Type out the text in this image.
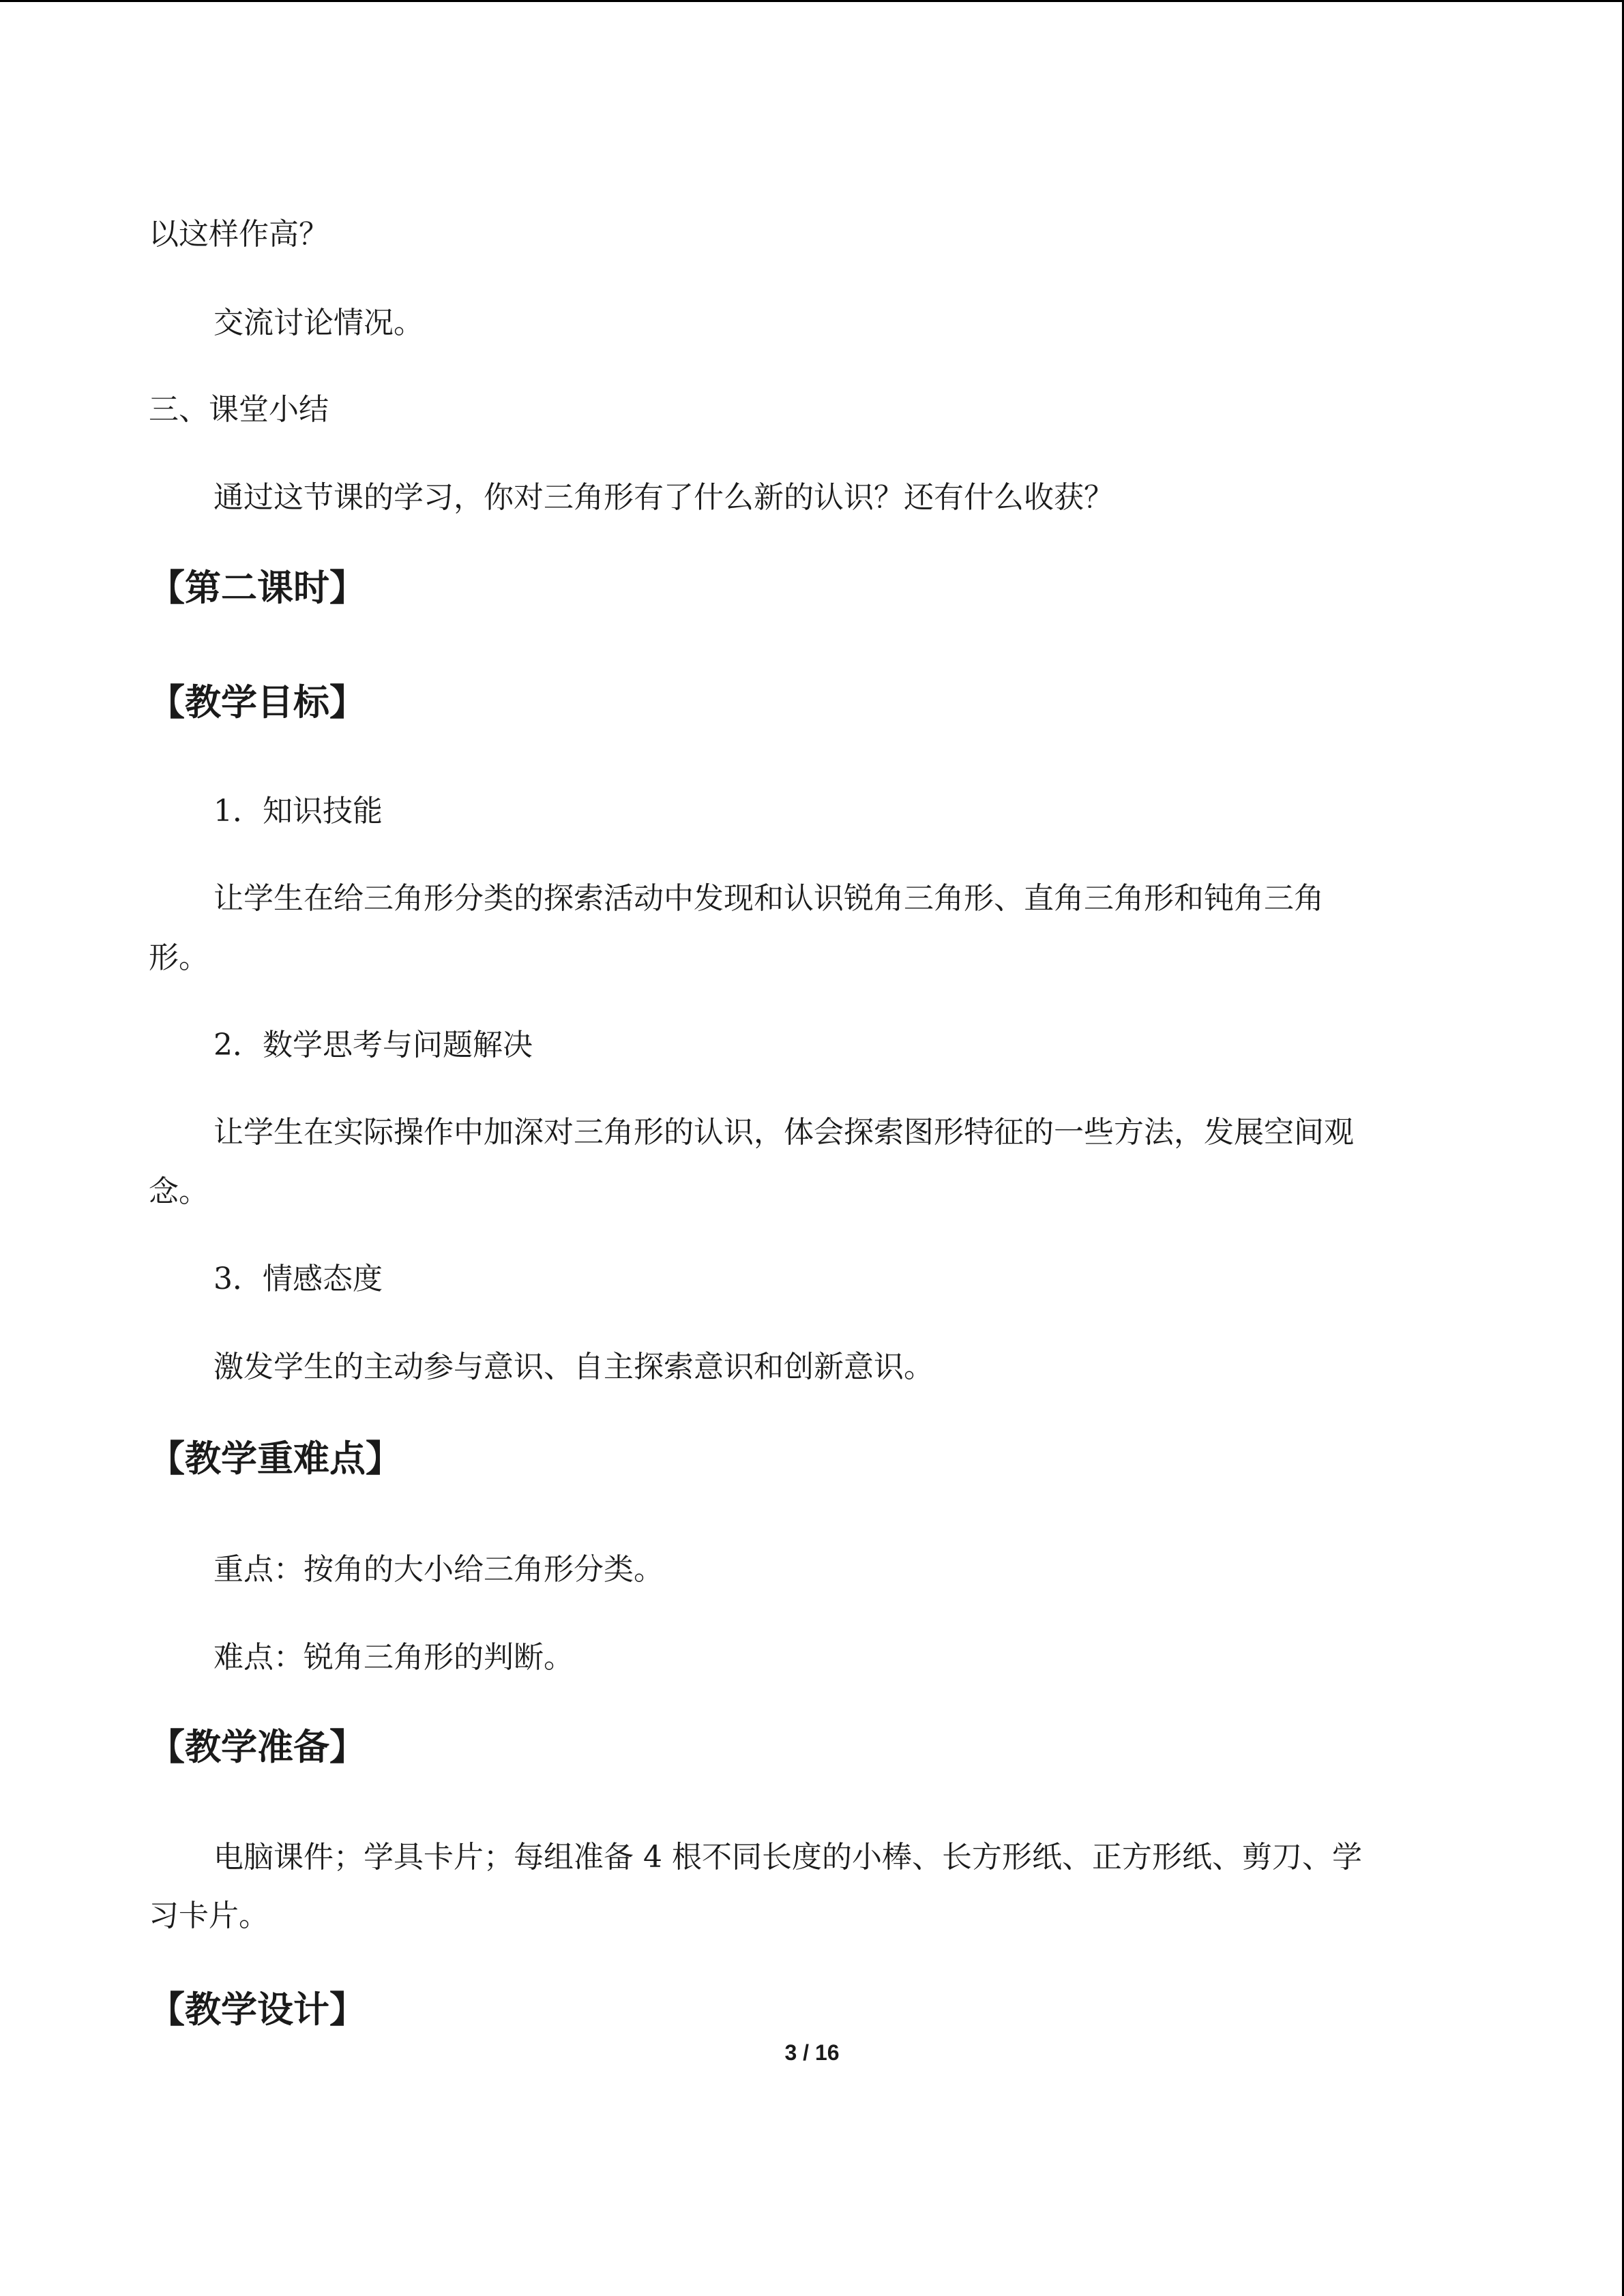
以这样作高？
交流讨论情况。
三、课堂小结
通过这节课的学习，你对三角形有了什么新的认识？还有什么收获？
【第二课时】
【教学目标】
1．知识技能
让学生在给三角形分类的探索活动中发现和认识锐角三角形、直角三角形和钝角三角
形。
2．数学思考与问题解决
让学生在实际操作中加深对三角形的认识，体会探索图形特征的一些方法，发展空间观
念。
3．情感态度
激发学生的主动参与意识、自主探索意识和创新意识。
【教学重难点】
重点：按角的大小给三角形分类。
难点：锐角三角形的判断。
【教学准备】
电脑课件；学具卡片；每组准备 4 根不同长度的小棒、长方形纸、正方形纸、剪刀、学
习卡片。
【教学设计】
3 / 16
